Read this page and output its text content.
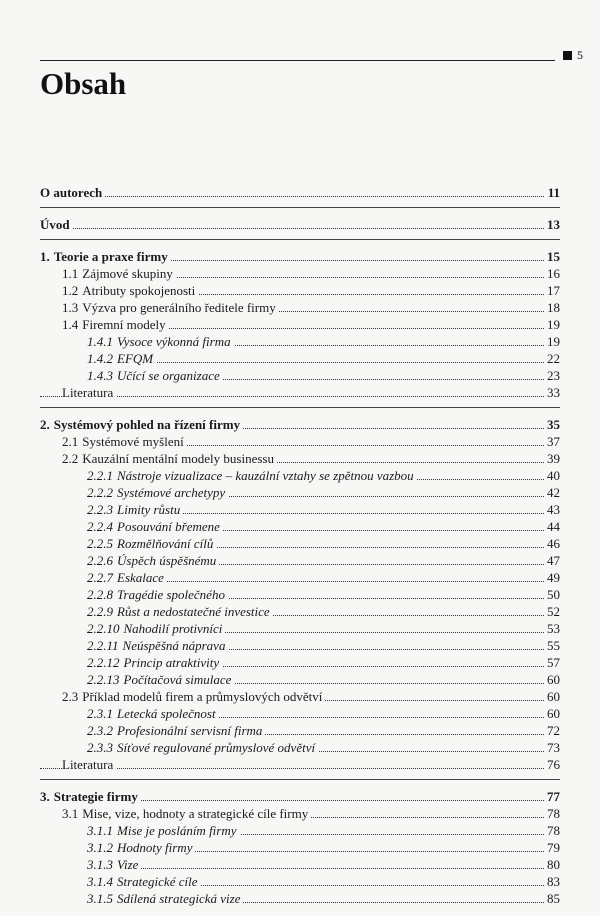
5
Obsah
O autorech	11
Úvod	13
1. Teorie a praxe firmy	15
1.1 Zájmové skupiny	16
1.2 Atributy spokojenosti	17
1.3 Výzva pro generálního ředitele firmy	18
1.4 Firemní modely	19
1.4.1 Vysoce výkonná firma	19
1.4.2 EFQM	22
1.4.3 Učící se organizace	23
Literatura	33
2. Systémový pohled na řízení firmy	35
2.1 Systémové myšlení	37
2.2 Kauzální mentální modely businessu	39
2.2.1 Nástroje vizualizace – kauzální vztahy se zpětnou vazbou	40
2.2.2 Systémové archetypy	42
2.2.3 Limity růstu	43
2.2.4 Posouvání břemene	44
2.2.5 Rozmělňování cílů	46
2.2.6 Úspěch úspěšnému	47
2.2.7 Eskalace	49
2.2.8 Tragédie společného	50
2.2.9 Růst a nedostatečné investice	52
2.2.10 Nahodilí protivníci	53
2.2.11 Neúspěšná náprava	55
2.2.12 Princip atraktivity	57
2.2.13 Počítačová simulace	60
2.3 Příklad modelů firem a průmyslových odvětví	60
2.3.1 Letecká společnost	60
2.3.2 Profesionální servisní firma	72
2.3.3 Síťové regulované průmyslové odvětví	73
Literatura	76
3. Strategie firmy	77
3.1 Mise, vize, hodnoty a strategické cíle firmy	78
3.1.1 Mise je posláním firmy	78
3.1.2 Hodnoty firmy	79
3.1.3 Vize	80
3.1.4 Strategické cíle	83
3.1.5 Sdílená strategická vize	85
